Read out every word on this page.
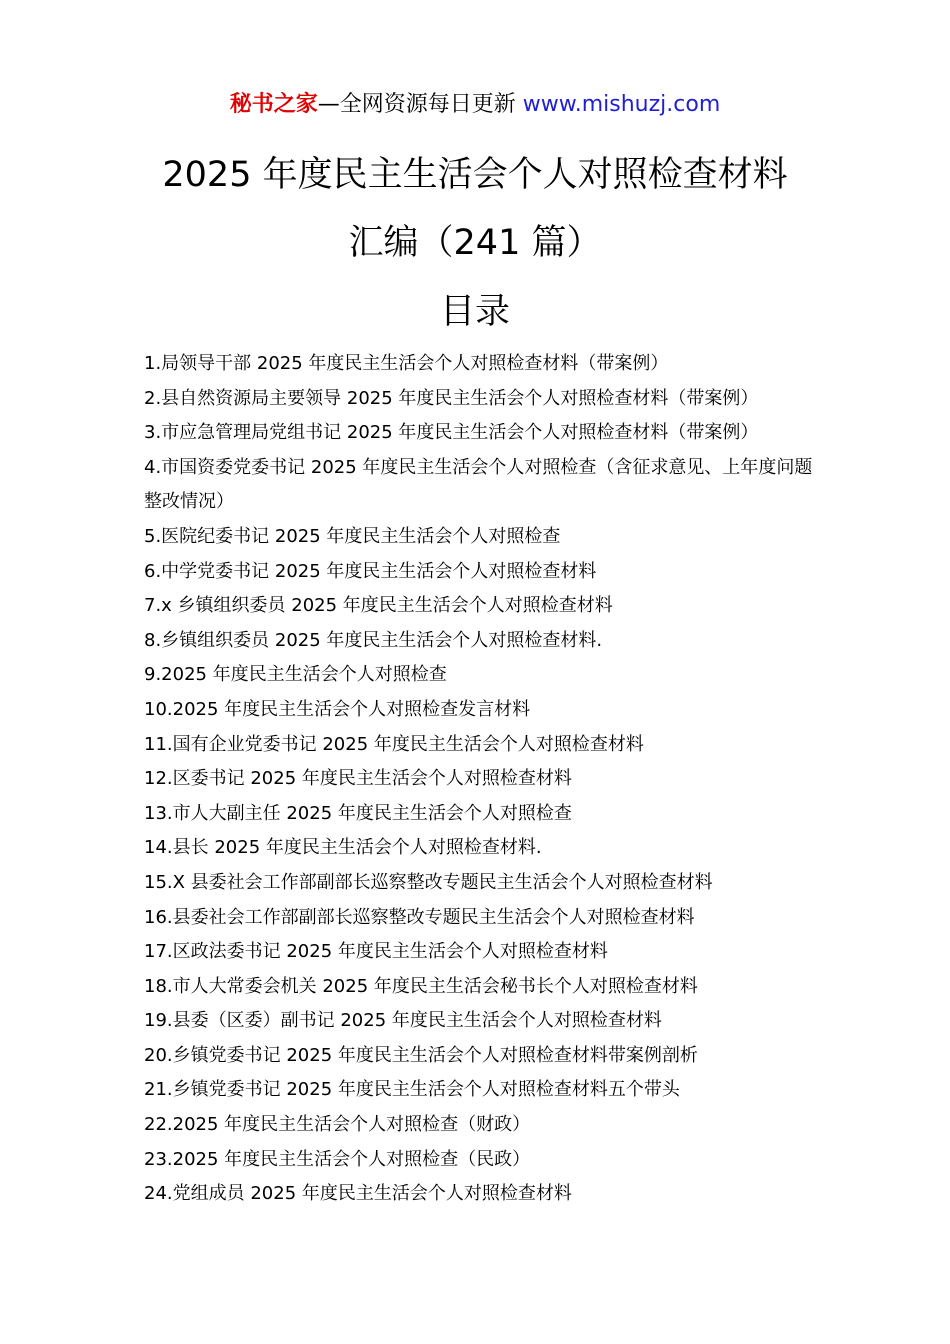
秘书之家—全网资源每日更新 www.mishuzj.com
2025 年度民主生活会个人对照检查材料
汇编（241 篇）
目录
1.局领导干部 2025 年度民主生活会个人对照检查材料（带案例）
2.县自然资源局主要领导 2025 年度民主生活会个人对照检查材料（带案例）
3.市应急管理局党组书记 2025 年度民主生活会个人对照检查材料（带案例）
4.市国资委党委书记 2025 年度民主生活会个人对照检查（含征求意见、上年度问题整改情况）
5.医院纪委书记 2025 年度民主生活会个人对照检查
6.中学党委书记 2025 年度民主生活会个人对照检查材料
7.x 乡镇组织委员 2025 年度民主生活会个人对照检查材料
8.乡镇组织委员 2025 年度民主生活会个人对照检查材料.
9.2025 年度民主生活会个人对照检查
10.2025 年度民主生活会个人对照检查发言材料
11.国有企业党委书记 2025 年度民主生活会个人对照检查材料
12.区委书记 2025 年度民主生活会个人对照检查材料
13.市人大副主任 2025 年度民主生活会个人对照检查
14.县长 2025 年度民主生活会个人对照检查材料.
15.X 县委社会工作部副部长巡察整改专题民主生活会个人对照检查材料
16.县委社会工作部副部长巡察整改专题民主生活会个人对照检查材料
17.区政法委书记 2025 年度民主生活会个人对照检查材料
18.市人大常委会机关 2025 年度民主生活会秘书长个人对照检查材料
19.县委（区委）副书记 2025 年度民主生活会个人对照检查材料
20.乡镇党委书记 2025 年度民主生活会个人对照检查材料带案例剖析
21.乡镇党委书记 2025 年度民主生活会个人对照检查材料五个带头
22.2025 年度民主生活会个人对照检查（财政）
23.2025 年度民主生活会个人对照检查（民政）
24.党组成员 2025 年度民主生活会个人对照检查材料
